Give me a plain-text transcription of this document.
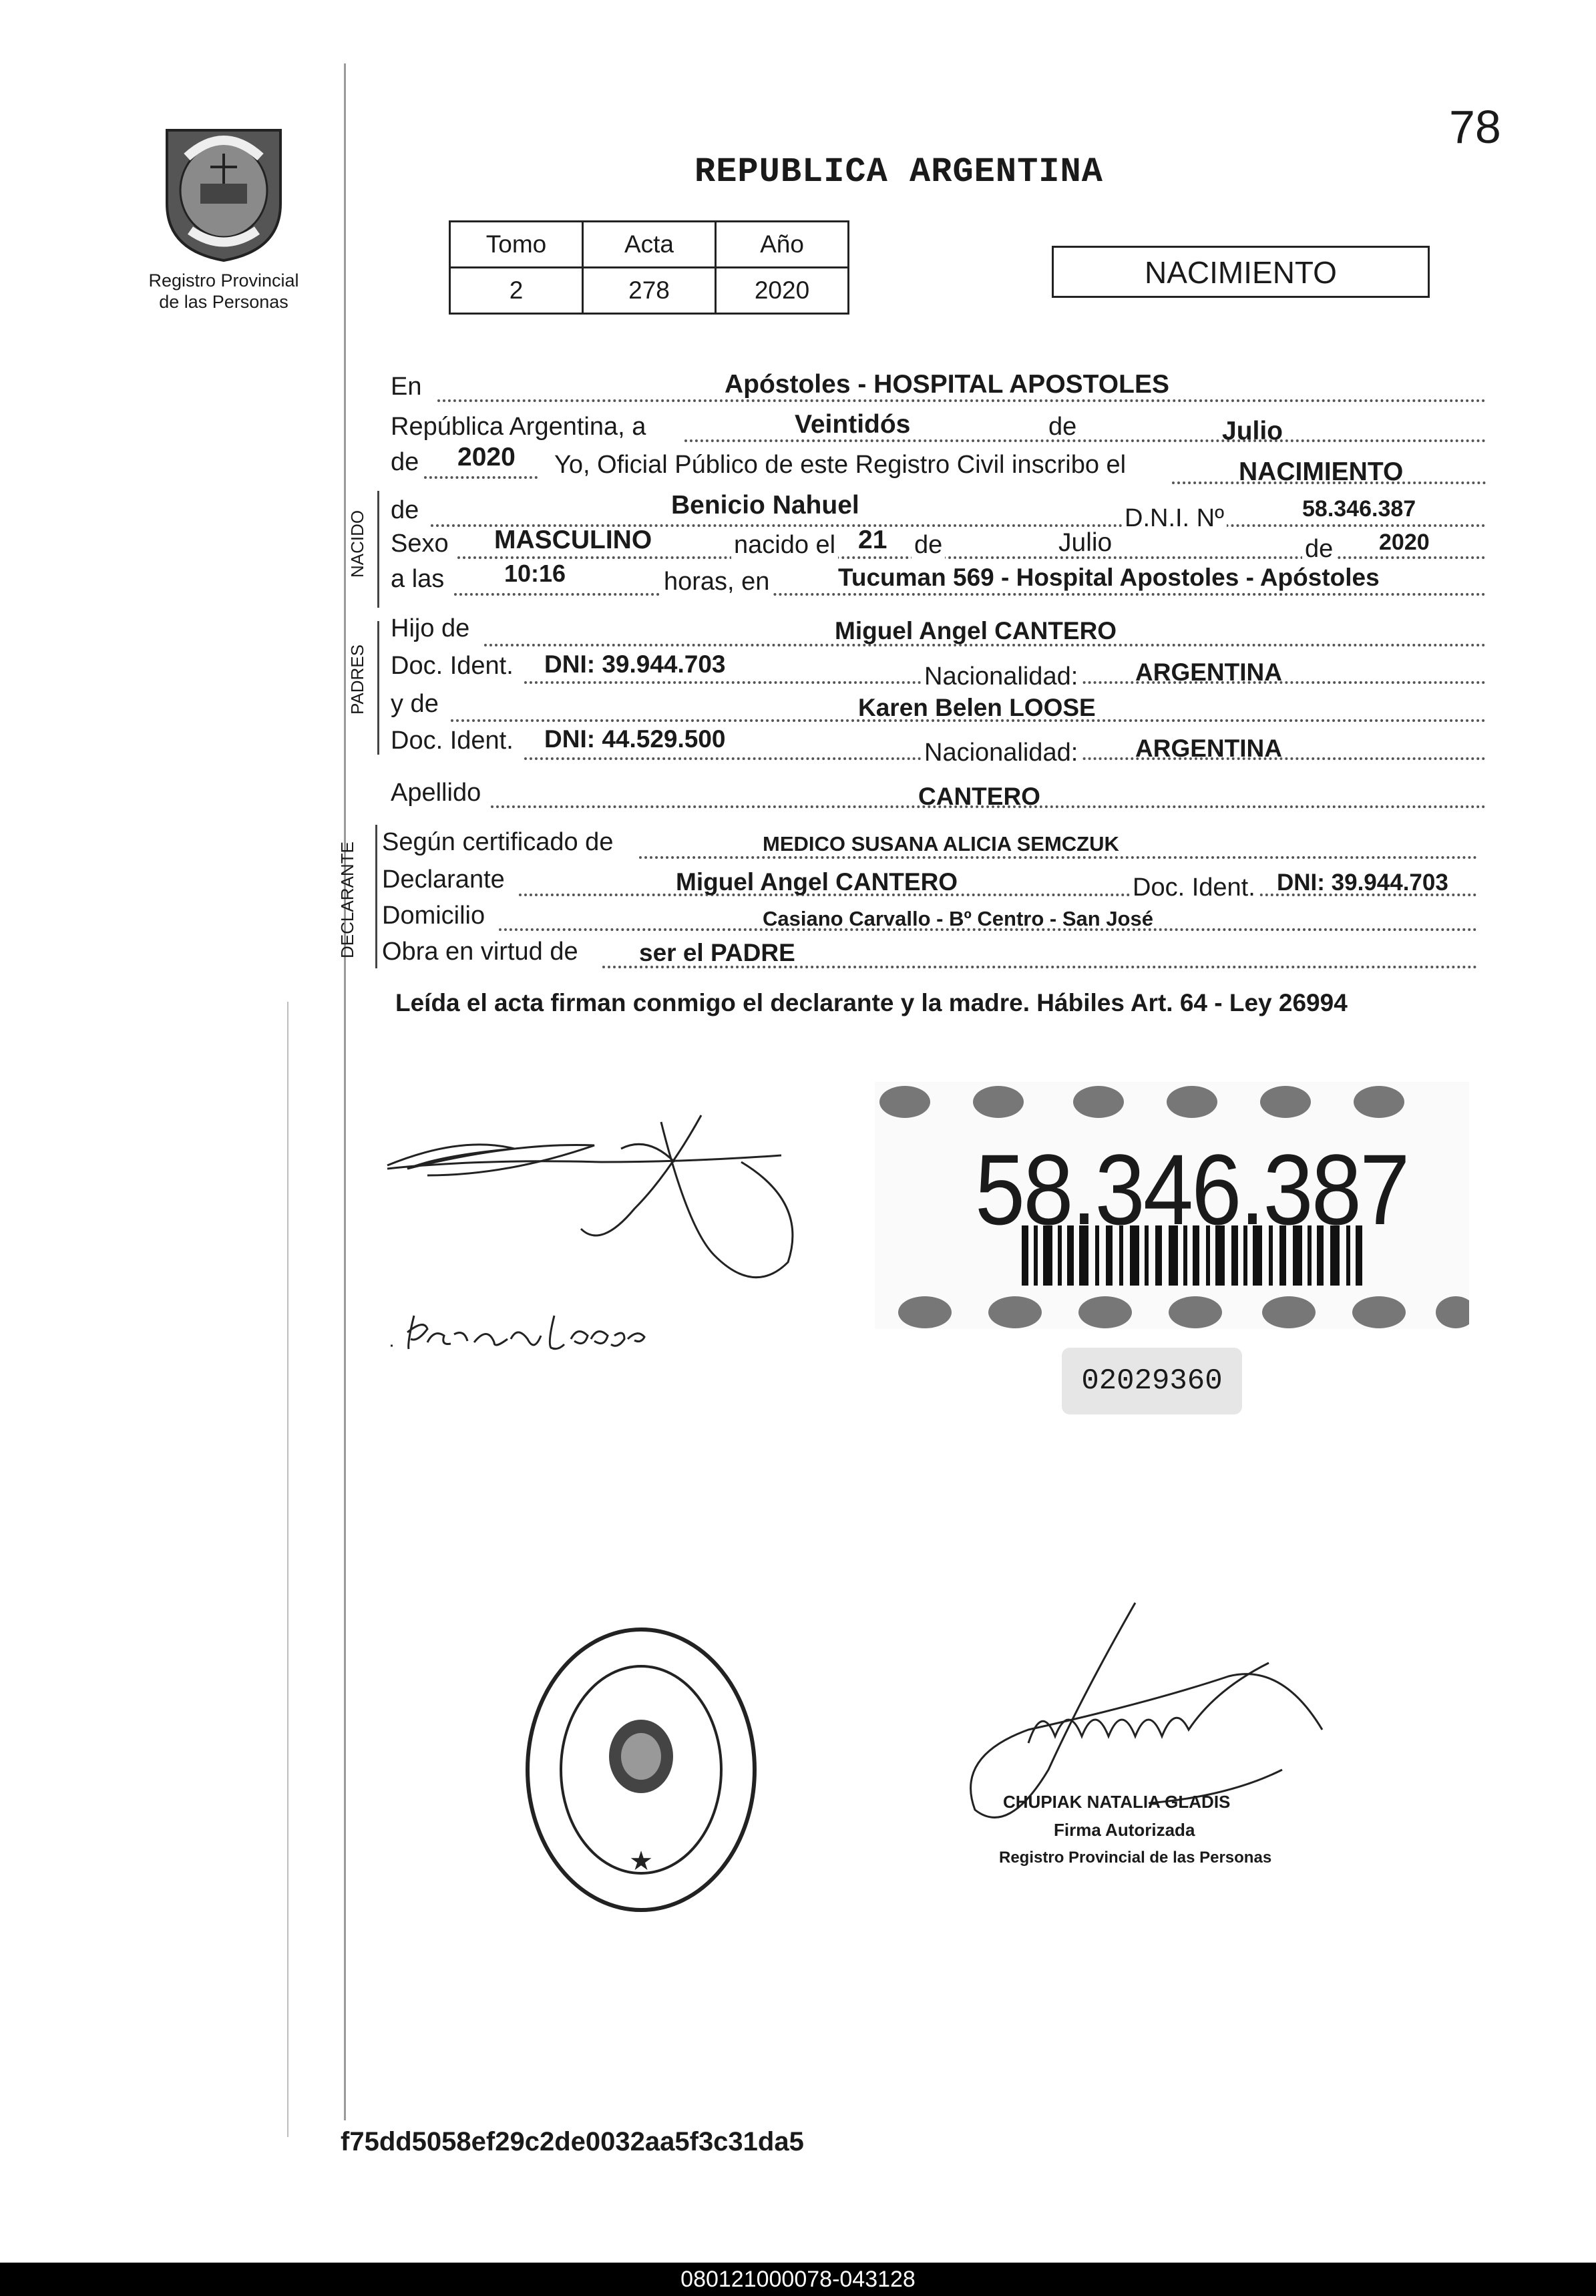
78
REPUBLICA ARGENTINA
Registro Provincial
de las Personas
Tomo	Acta	Año
2	278	2020
NACIMIENTO
NACIDO
PADRES
DECLARANTE
En	Apóstoles - HOSPITAL APOSTOLES
República Argentina, a	Veintidós	de	Julio
de 2020 Yo, Oficial Público de este Registro Civil inscribo el	NACIMIENTO
de	Benicio Nahuel	D.N.I. Nº	58.346.387
Sexo MASCULINO	nacido el 21 de	Julio	de 2020
a las 10:16	horas, en	Tucuman 569 - Hospital Apostoles - Apóstoles
Hijo de	Miguel Angel CANTERO
Doc. Ident. DNI: 39.944.703	Nacionalidad: ARGENTINA
y de	Karen Belen LOOSE
Doc. Ident. DNI: 44.529.500	Nacionalidad: ARGENTINA
Apellido	CANTERO
Según certificado de	MEDICO SUSANA ALICIA SEMCZUK
Declarante	Miguel Angel CANTERO	Doc. Ident. DNI: 39.944.703
Domicilio	Casiano Carvallo - Bº Centro - San José
Obra en virtud de ser el PADRE
Leída el acta firman conmigo el declarante y la madre. Hábiles Art. 64 - Ley 26994
58.346.387
02029360
★
CHUPIAK NATALIA GLADIS
Firma Autorizada
Registro Provincial de las Personas
f75dd5058ef29c2de0032aa5f3c31da5
080121000078-043128
